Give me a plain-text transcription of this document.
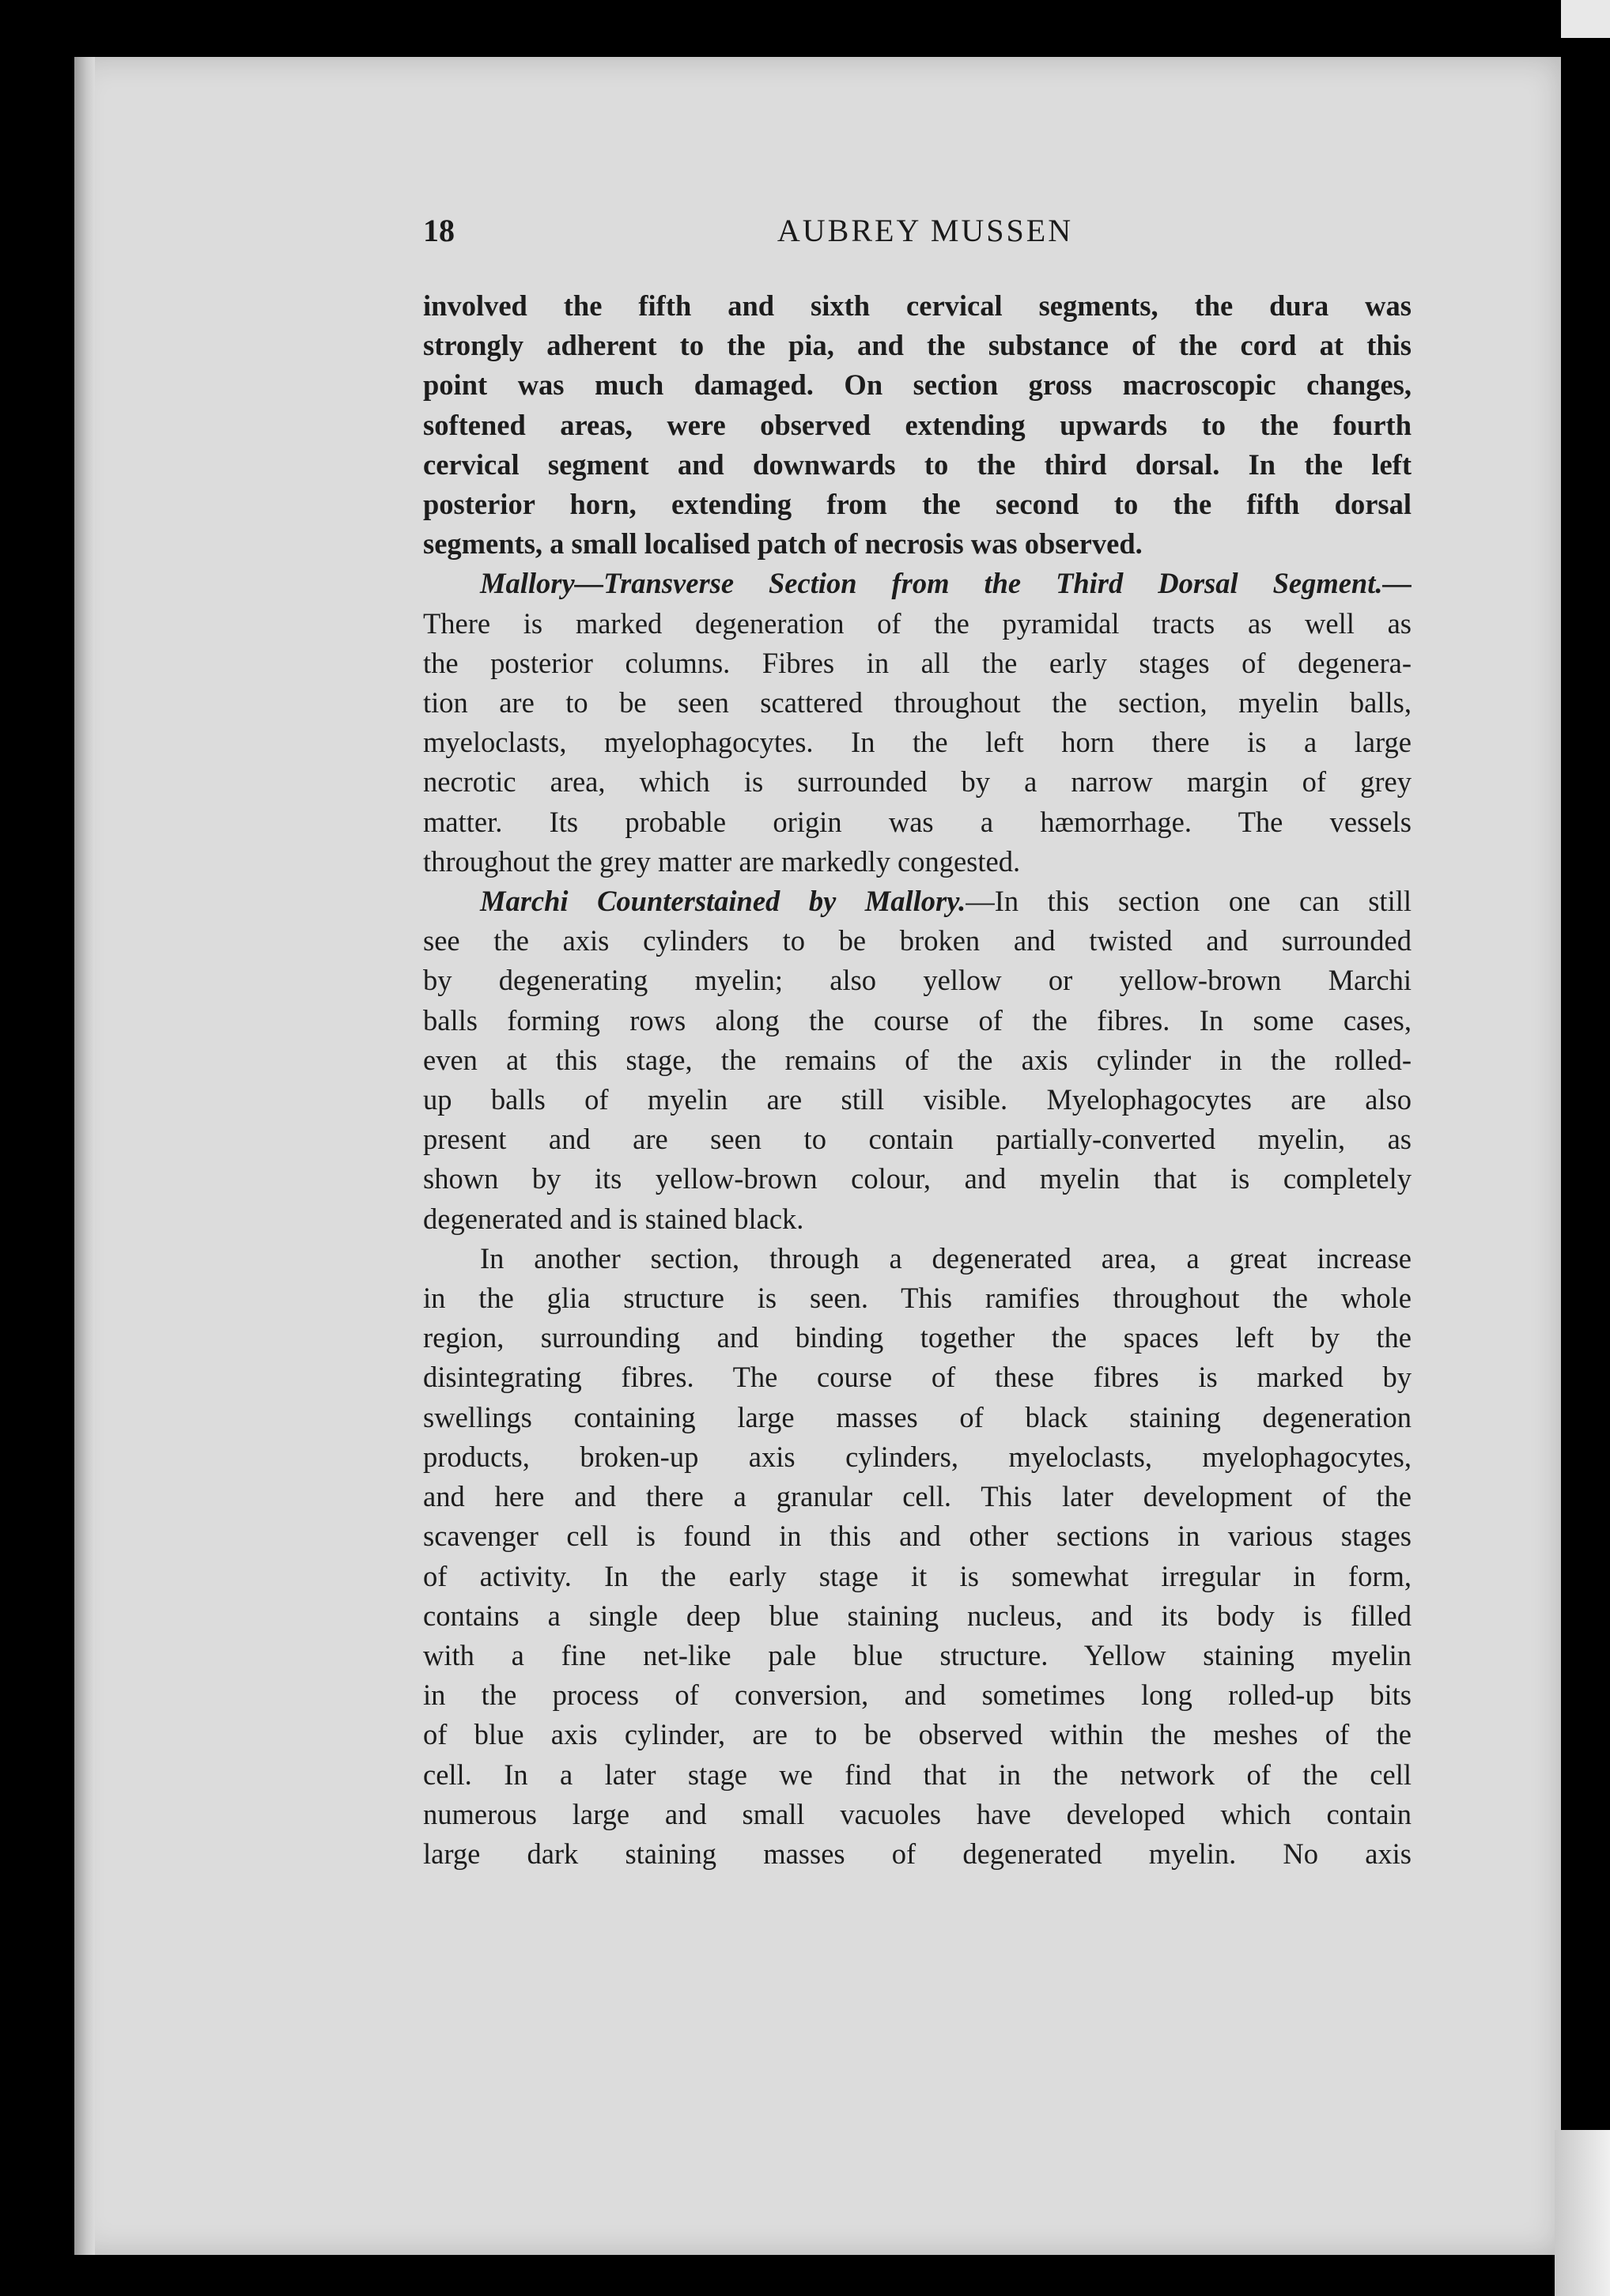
18	AUBREY MUSSEN
involved the fifth and sixth cervical segments, the dura was
strongly adherent to the pia, and the substance of the cord at this
point was much damaged. On section gross macroscopic changes,
softened areas, were observed extending upwards to the fourth
cervical segment and downwards to the third dorsal. In the left
posterior horn, extending from the second to the fifth dorsal
segments, a small localised patch of necrosis was observed.
Mallory—Transverse Section from the Third Dorsal Segment.—
There is marked degeneration of the pyramidal tracts as well as
the posterior columns. Fibres in all the early stages of degenera-
tion are to be seen scattered throughout the section, myelin balls,
myeloclasts, myelophagocytes. In the left horn there is a large
necrotic area, which is surrounded by a narrow margin of grey
matter. Its probable origin was a hæmorrhage. The vessels
throughout the grey matter are markedly congested.
Marchi Counterstained by Mallory.—In this section one can still
see the axis cylinders to be broken and twisted and surrounded
by degenerating myelin; also yellow or yellow-brown Marchi
balls forming rows along the course of the fibres. In some cases,
even at this stage, the remains of the axis cylinder in the rolled-
up balls of myelin are still visible. Myelophagocytes are also
present and are seen to contain partially-converted myelin, as
shown by its yellow-brown colour, and myelin that is completely
degenerated and is stained black.
In another section, through a degenerated area, a great increase
in the glia structure is seen. This ramifies throughout the whole
region, surrounding and binding together the spaces left by the
disintegrating fibres. The course of these fibres is marked by
swellings containing large masses of black staining degeneration
products, broken-up axis cylinders, myeloclasts, myelophagocytes,
and here and there a granular cell. This later development of the
scavenger cell is found in this and other sections in various stages
of activity. In the early stage it is somewhat irregular in form,
contains a single deep blue staining nucleus, and its body is filled
with a fine net-like pale blue structure. Yellow staining myelin
in the process of conversion, and sometimes long rolled-up bits
of blue axis cylinder, are to be observed within the meshes of the
cell. In a later stage we find that in the network of the cell
numerous large and small vacuoles have developed which contain
large dark staining masses of degenerated myelin. No axis
